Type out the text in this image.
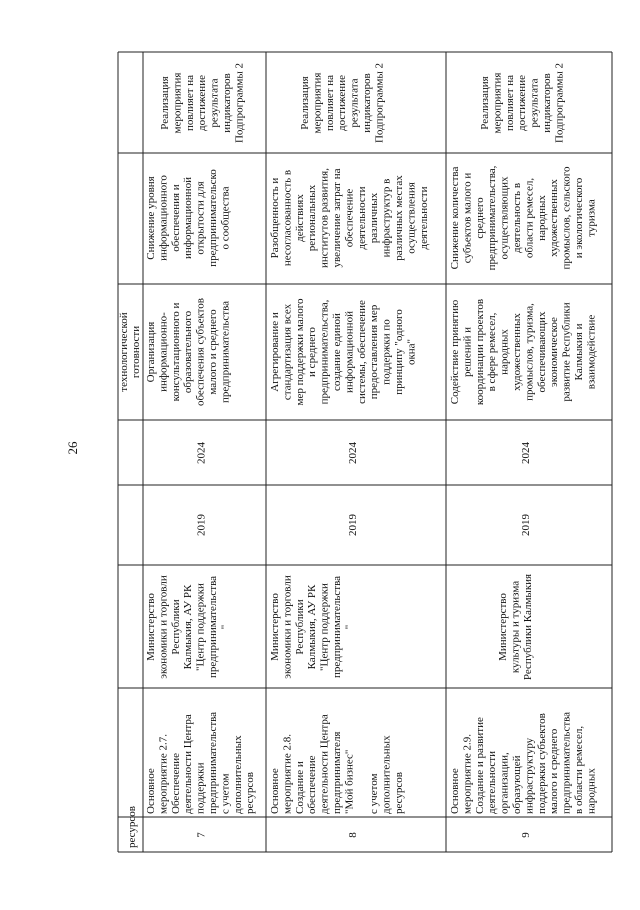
26
ресурсов
технологической готовности
7
Основное мероприятие 2.7. Обеспечение деятельности Центра поддержки предпринимательства с учетом дополнительных ресурсов
Министерство экономики и торговли Республики Калмыкия, АУ РК "Центр поддержки предпринимательства "
2019
2024
Организация информационно- консультационного и образовательного обеспечения субъектов малого и среднего предпринимательства
Снижение уровня информационного обеспечения и информационной открытости для предпринимательско о сообщества
Реализация мероприятия повлияет на достижение результата индикаторов Подпрограммы 2
8
Основное мероприятие 2.8. Создание и обеспечение деятельности Центра предпринимателя "Мой бизнес" с учетом дополнительных ресурсов
Министерство экономики и торговли Республики Калмыкия, АУ РК "Центр поддержки предпринимательства "
2019
2024
Агрегирование и стандартизация всех мер поддержки малого и среднего предпринимательства, создание единой информационной системы, обеспечение предоставления мер поддержки по принципу "одного окна"
Разобщенность и несогласованность в действиях региональных институтов развития, увеличение затрат на обеспечение деятельности различных инфраструктур в различных местах осуществления деятельности
Реализация мероприятия повлияет на достижение результата индикаторов Подпрограммы 2
9
Основное мероприятие 2.9. Создание и развитие деятельности организации, образующей инфраструктуру поддержки субъектов малого и среднего предпринимательства в области ремесел, народных
Министерство культуры и туризма Республики Калмыкия
2019
2024
Содействие принятию решений и координации проектов в сфере ремесел, народных художественных промыслов, туризма, обеспечивающих экономическое развитие Республики Калмыкия и взаимодействие
Снижение количества субъектов малого и среднего предпринимательства, осуществляющих деятельность в области ремесел, народных художественных промыслов, сельского и экологического туризма
Реализация мероприятия повлияет на достижение результата индикаторов Подпрограммы 2
